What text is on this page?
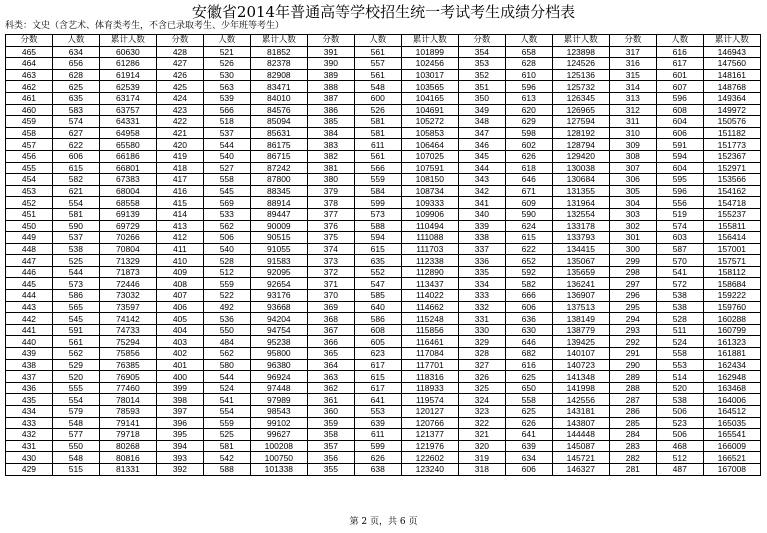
安徽省2014年普通高等学校招生统一考试考生成绩分档表
科类：文史（含艺术、体育类考生，不含已录取考生、少年班等考生）
分数	人数	累计人数	分数	人数	累计人数	分数	人数	累计人数	分数	人数	累计人数	分数	人数	累计人数
465	634	60630	428	521	81852	391	561	101899	354	658	123898	317	616	146943
464	656	61286	427	526	82378	390	557	102456	353	628	124526	316	617	147560
463	628	61914	426	530	82908	389	561	103017	352	610	125136	315	601	148161
462	625	62539	425	563	83471	388	548	103565	351	596	125732	314	607	148768
461	635	63174	424	539	84010	387	600	104165	350	613	126345	313	596	149364
460	583	63757	423	566	84576	386	526	104691	349	620	126965	312	608	149972
459	574	64331	422	518	85094	385	581	105272	348	629	127594	311	604	150576
458	627	64958	421	537	85631	384	581	105853	347	598	128192	310	606	151182
457	622	65580	420	544	86175	383	611	106464	346	602	128794	309	591	151773
456	606	66186	419	540	86715	382	561	107025	345	626	129420	308	594	152367
455	615	66801	418	527	87242	381	566	107591	344	618	130038	307	604	152971
454	582	67383	417	558	87800	380	559	108150	343	646	130684	306	595	153566
453	621	68004	416	545	88345	379	584	108734	342	671	131355	305	596	154162
452	554	68558	415	569	88914	378	599	109333	341	609	131964	304	556	154718
451	581	69139	414	533	89447	377	573	109906	340	590	132554	303	519	155237
450	590	69729	413	562	90009	376	588	110494	339	624	133178	302	574	155811
449	537	70266	412	506	90515	375	594	111088	338	615	133793	301	603	156414
448	538	70804	411	540	91055	374	615	111703	337	622	134415	300	587	157001
447	525	71329	410	528	91583	373	635	112338	336	652	135067	299	570	157571
446	544	71873	409	512	92095	372	552	112890	335	592	135659	298	541	158112
445	573	72446	408	559	92654	371	547	113437	334	582	136241	297	572	158684
444	586	73032	407	522	93176	370	585	114022	333	666	136907	296	538	159222
443	565	73597	406	492	93668	369	640	114662	332	606	137513	295	538	159760
442	545	74142	405	536	94204	368	586	115248	331	636	138149	294	528	160288
441	591	74733	404	550	94754	367	608	115856	330	630	138779	293	511	160799
440	561	75294	403	484	95238	366	605	116461	329	646	139425	292	524	161323
439	562	75856	402	562	95800	365	623	117084	328	682	140107	291	558	161881
438	529	76385	401	580	96380	364	617	117701	327	616	140723	290	553	162434
437	520	76905	400	544	96924	363	615	118316	326	625	141348	289	514	162948
436	555	77460	399	524	97448	362	617	118933	325	650	141998	288	520	163468
435	554	78014	398	541	97989	361	641	119574	324	558	142556	287	538	164006
434	579	78593	397	554	98543	360	553	120127	323	625	143181	286	506	164512
433	548	79141	396	559	99102	359	639	120766	322	626	143807	285	523	165035
432	577	79718	395	525	99627	358	611	121377	321	641	144448	284	506	165541
431	550	80268	394	581	100208	357	599	121976	320	639	145087	283	468	166009
430	548	80816	393	542	100750	356	626	122602	319	634	145721	282	512	166521
429	515	81331	392	588	101338	355	638	123240	318	606	146327	281	487	167008
第 2 页，共 6 页
